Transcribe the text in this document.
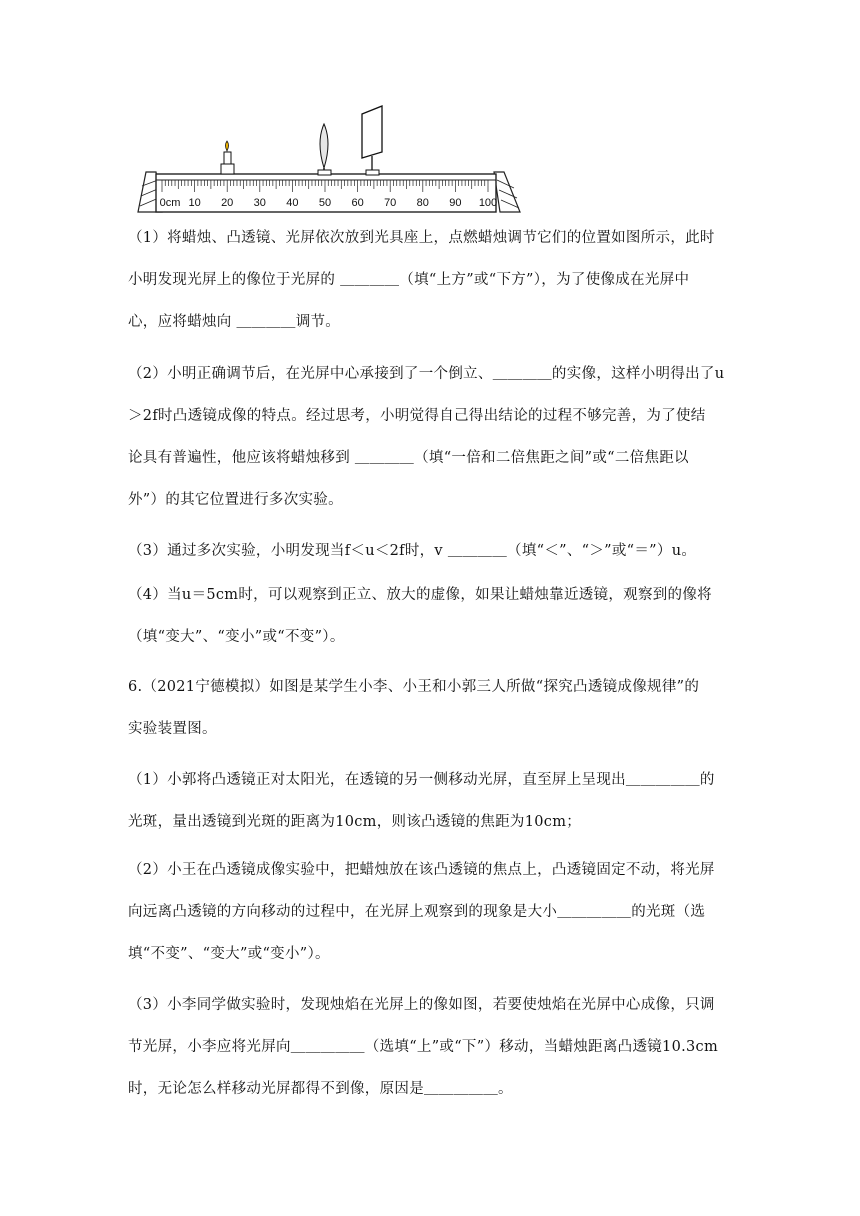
0cm 10 20 30 40 50 60 70 80 90 100
（1）将蜡烛、凸透镜、光屏依次放到光具座上，点燃蜡烛调节它们的位置如图所示，此时
小明发现光屏上的像位于光屏的 ＿＿＿＿（填“上方”或“下方”），为了使像成在光屏中
心，应将蜡烛向 ＿＿＿＿调节。
（2）小明正确调节后，在光屏中心承接到了一个倒立、＿＿＿＿的实像，这样小明得出了u
＞2f时凸透镜成像的特点。经过思考，小明觉得自己得出结论的过程不够完善，为了使结
论具有普遍性，他应该将蜡烛移到 ＿＿＿＿（填“一倍和二倍焦距之间”或“二倍焦距以
外”）的其它位置进行多次实验。
（3）通过多次实验，小明发现当f＜u＜2f时，v ＿＿＿＿（填“＜”、“＞”或“＝”）u。
（4）当u＝5cm时，可以观察到正立、放大的虚像，如果让蜡烛靠近透镜，观察到的像将
（填“变大”、“变小”或“不变”）。
6.（2021宁德模拟）如图是某学生小李、小王和小郭三人所做“探究凸透镜成像规律”的
实验装置图。
（1）小郭将凸透镜正对太阳光，在透镜的另一侧移动光屏，直至屏上呈现出＿＿＿＿＿的
光斑，量出透镜到光斑的距离为10cm，则该凸透镜的焦距为10cm；
（2）小王在凸透镜成像实验中，把蜡烛放在该凸透镜的焦点上，凸透镜固定不动，将光屏
向远离凸透镜的方向移动的过程中，在光屏上观察到的现象是大小＿＿＿＿＿的光斑（选
填“不变”、“变大”或“变小”）。
（3）小李同学做实验时，发现烛焰在光屏上的像如图，若要使烛焰在光屏中心成像，只调
节光屏，小李应将光屏向＿＿＿＿＿（选填“上”或“下”）移动，当蜡烛距离凸透镜10.3cm
时，无论怎么样移动光屏都得不到像，原因是＿＿＿＿＿。
